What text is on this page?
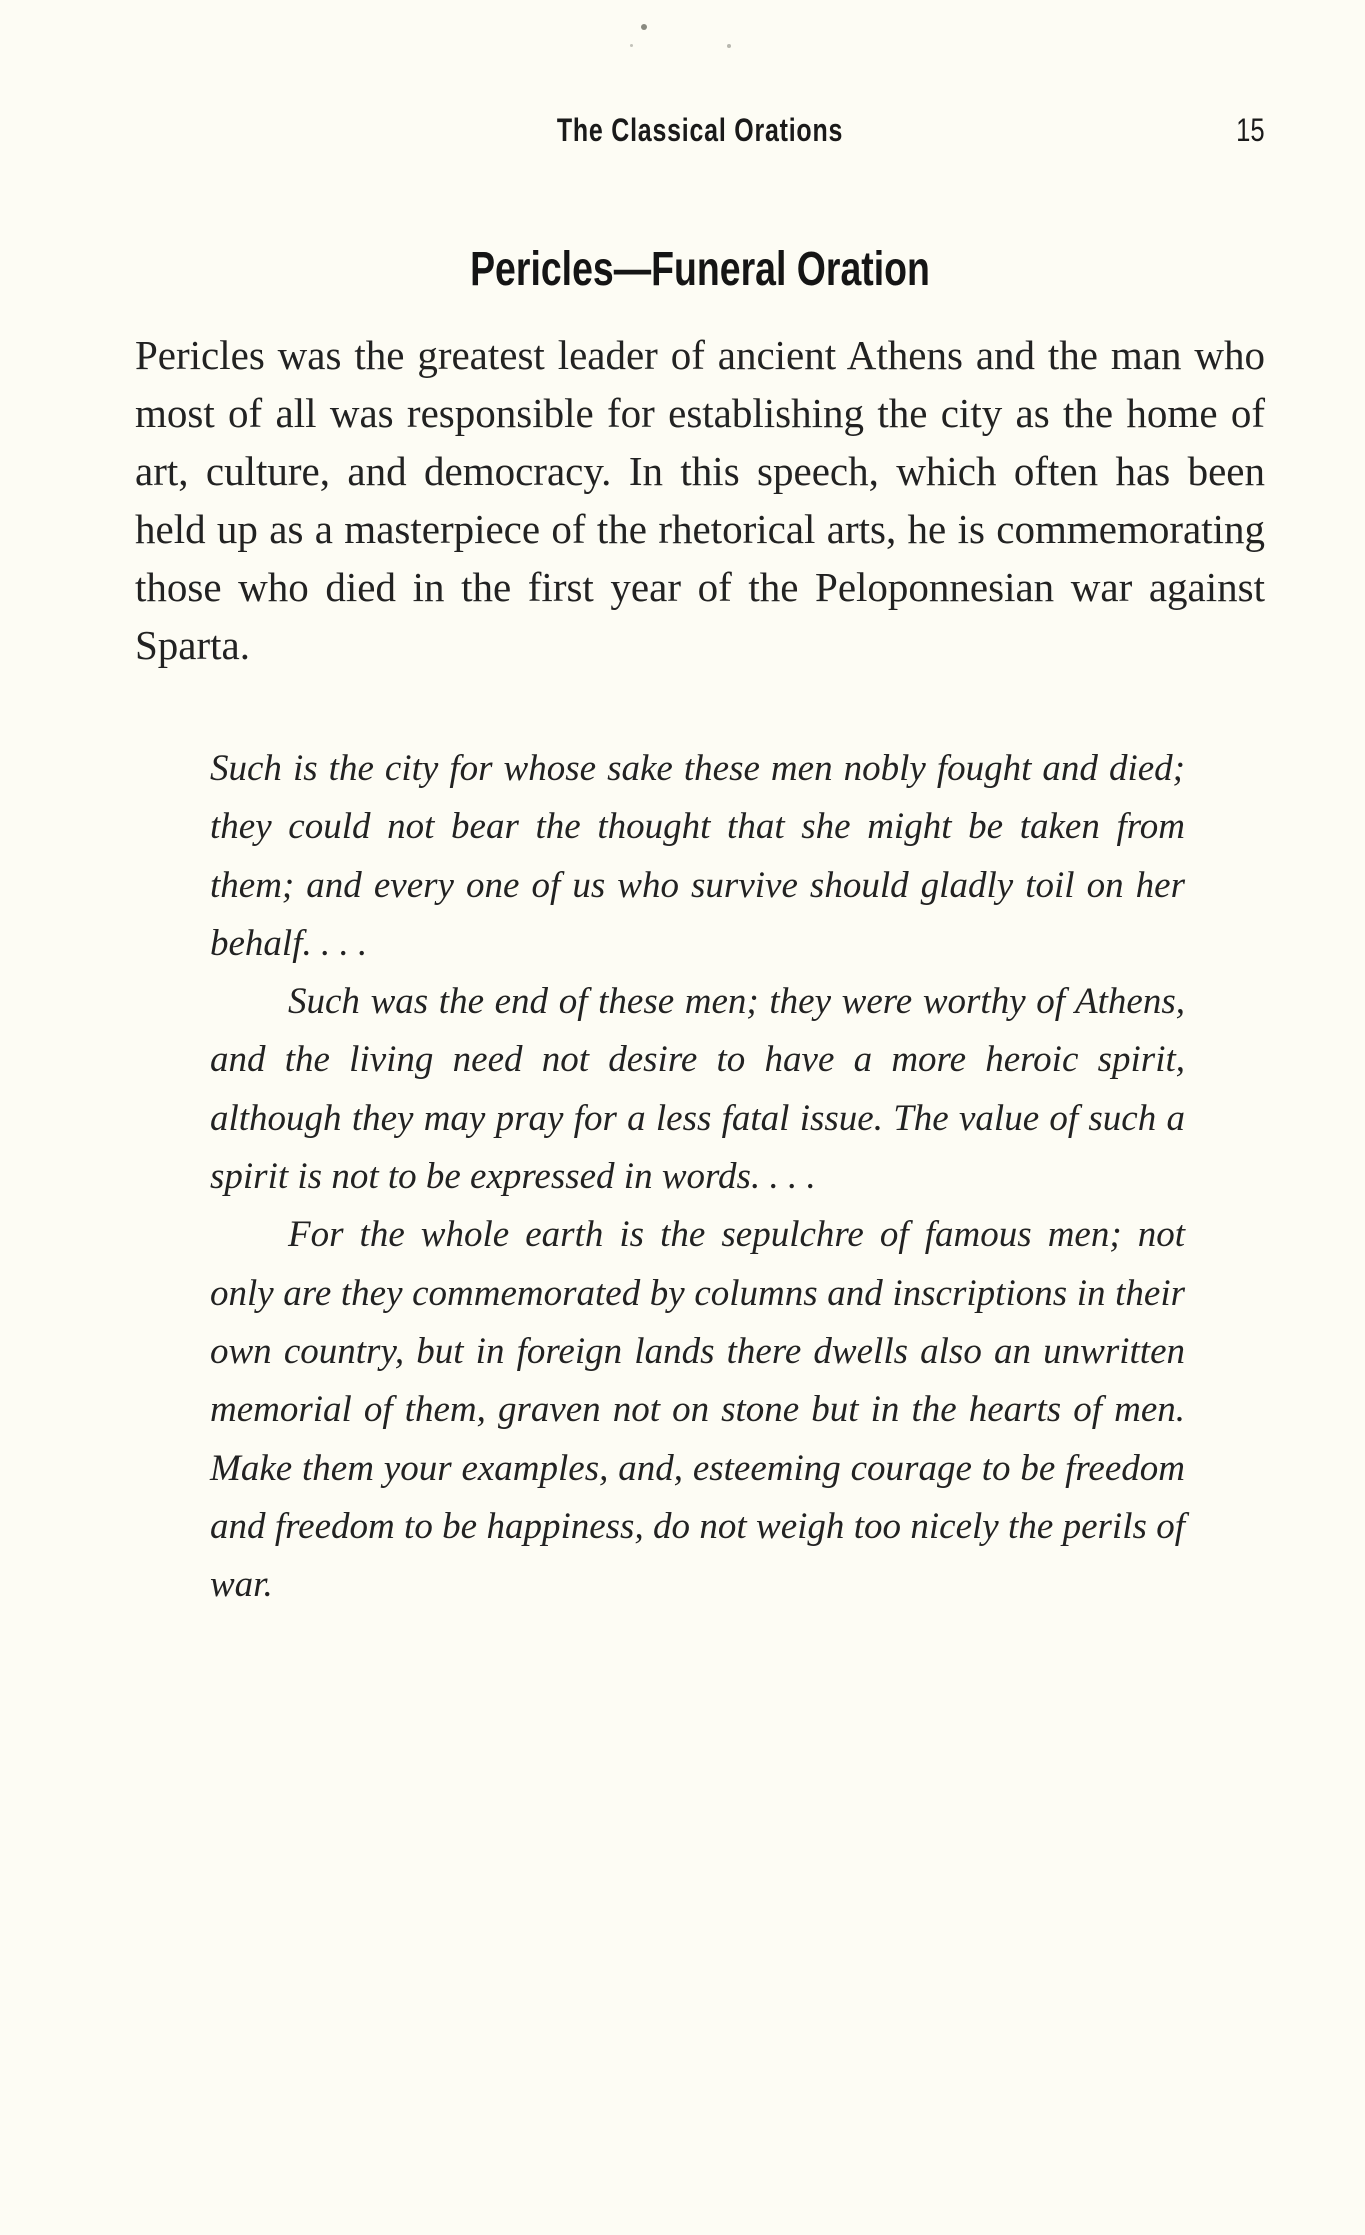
The Classical Orations	15
Pericles—Funeral Oration

Pericles was the greatest leader of ancient Athens and the man who most of all was responsible for establishing the city as the home of art, culture, and democracy. In this speech, which often has been held up as a masterpiece of the rhetorical arts, he is commemorating those who died in the first year of the Peloponnesian war against Sparta.

Such is the city for whose sake these men nobly fought and died; they could not bear the thought that she might be taken from them; and every one of us who survive should gladly toil on her behalf. . . .

Such was the end of these men; they were worthy of Athens, and the living need not desire to have a more heroic spirit, although they may pray for a less fatal issue. The value of such a spirit is not to be expressed in words. . . .

For the whole earth is the sepulchre of famous men; not only are they commemorated by columns and inscriptions in their own country, but in foreign lands there dwells also an unwritten memorial of them, graven not on stone but in the hearts of men. Make them your examples, and, esteeming courage to be freedom and freedom to be happiness, do not weigh too nicely the perils of war.
